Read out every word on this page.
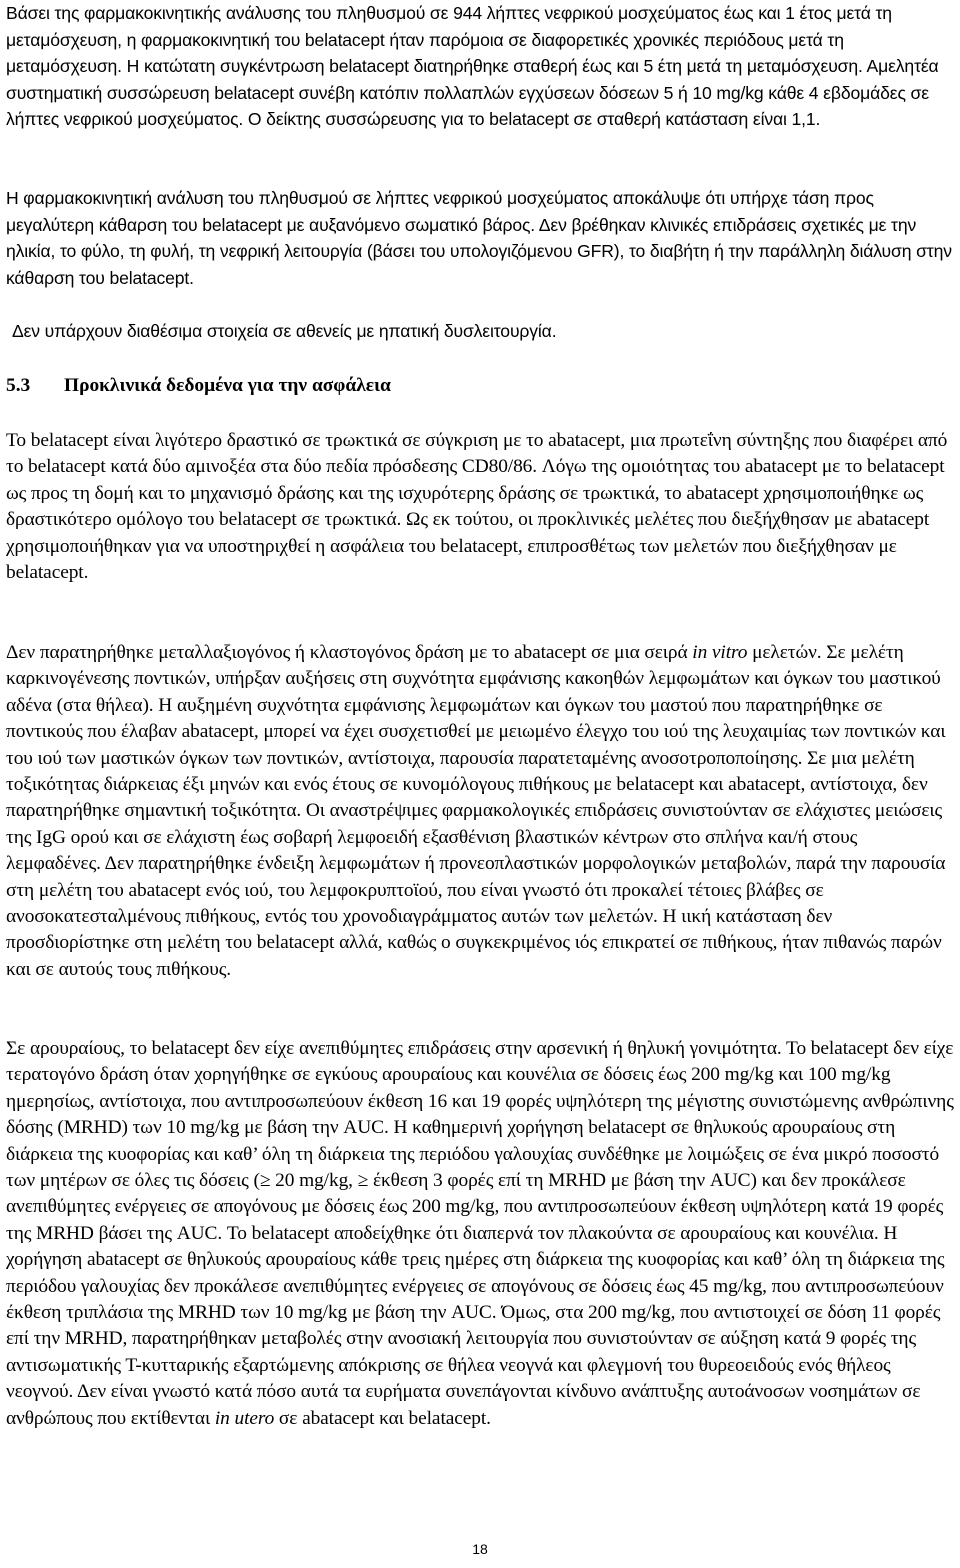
Βάσει της φαρμακοκινητικής ανάλυσης του πληθυσμού σε 944 λήπτες νεφρικού μοσχεύματος έως και 1 έτος μετά τη μεταμόσχευση, η φαρμακοκινητική του belatacept ήταν παρόμοια σε διαφορετικές χρονικές περιόδους μετά τη μεταμόσχευση. Η κατώτατη συγκέντρωση belatacept διατηρήθηκε σταθερή έως και 5 έτη μετά τη μεταμόσχευση. Αμελητέα συστηματική συσσώρευση belatacept συνέβη κατόπιν πολλαπλών εγχύσεων δόσεων 5 ή 10 mg/kg κάθε 4 εβδομάδες σε λήπτες νεφρικού μοσχεύματος. Ο δείκτης συσσώρευσης για το belatacept σε σταθερή κατάσταση είναι 1,1.

Η φαρμακοκινητική ανάλυση του πληθυσμού σε λήπτες νεφρικού μοσχεύματος αποκάλυψε ότι υπήρχε τάση προς μεγαλύτερη κάθαρση του belatacept με αυξανόμενο σωματικό βάρος. Δεν βρέθηκαν κλινικές επιδράσεις σχετικές με την ηλικία, το φύλο, τη φυλή, τη νεφρική λειτουργία (βάσει του υπολογιζόμενου GFR), το διαβήτη ή την παράλληλη διάλυση στην κάθαρση του belatacept.

Δεν υπάρχουν διαθέσιμα στοιχεία σε αθενείς με ηπατική δυσλειτουργία.

5.3 Προκλινικά δεδομένα για την ασφάλεια

Το belatacept είναι λιγότερο δραστικό σε τρωκτικά σε σύγκριση με το abatacept, μια πρωτεΐνη σύντηξης που διαφέρει από το belatacept κατά δύο αμινοξέα στα δύο πεδία πρόσδεσης CD80/86. Λόγω της ομοιότητας του abatacept με το belatacept ως προς τη δομή και το μηχανισμό δράσης και της ισχυρότερης δράσης σε τρωκτικά, το abatacept χρησιμοποιήθηκε ως δραστικότερο ομόλογο του belatacept σε τρωκτικά. Ως εκ τούτου, οι προκλινικές μελέτες που διεξήχθησαν με abatacept χρησιμοποιήθηκαν για να υποστηριχθεί η ασφάλεια του belatacept, επιπροσθέτως των μελετών που διεξήχθησαν με belatacept.

Δεν παρατηρήθηκε μεταλλαξιογόνος ή κλαστογόνος δράση με το abatacept σε μια σειρά in vitro μελετών. Σε μελέτη καρκινογένεσης ποντικών, υπήρξαν αυξήσεις στη συχνότητα εμφάνισης κακοηθών λεμφωμάτων και όγκων του μαστικού αδένα (στα θήλεα). Η αυξημένη συχνότητα εμφάνισης λεμφωμάτων και όγκων του μαστού που παρατηρήθηκε σε ποντικούς που έλαβαν abatacept, μπορεί να έχει συσχετισθεί με μειωμένο έλεγχο του ιού της λευχαιμίας των ποντικών και του ιού των μαστικών όγκων των ποντικών, αντίστοιχα, παρουσία παρατεταμένης ανοσοτροποποίησης. Σε μια μελέτη τοξικότητας διάρκειας έξι μηνών και ενός έτους σε κυνομόλογους πιθήκους με belatacept και abatacept, αντίστοιχα, δεν παρατηρήθηκε σημαντική τοξικότητα. Οι αναστρέψιμες φαρμακολογικές επιδράσεις συνιστούνταν σε ελάχιστες μειώσεις της IgG ορού και σε ελάχιστη έως σοβαρή λεμφοειδή εξασθένιση βλαστικών κέντρων στο σπλήνα και/ή στους λεμφαδένες. Δεν παρατηρήθηκε ένδειξη λεμφωμάτων ή προνεοπλαστικών μορφολογικών μεταβολών, παρά την παρουσία στη μελέτη του abatacept ενός ιού, του λεμφοκρυπτοϊού, που είναι γνωστό ότι προκαλεί τέτοιες βλάβες σε ανοσοκατεσταλμένους πιθήκους, εντός του χρονοδιαγράμματος αυτών των μελετών. Η ιική κατάσταση δεν προσδιορίστηκε στη μελέτη του belatacept αλλά, καθώς ο συγκεκριμένος ιός επικρατεί σε πιθήκους, ήταν πιθανώς παρών και σε αυτούς τους πιθήκους.

Σε αρουραίους, το belatacept δεν είχε ανεπιθύμητες επιδράσεις στην αρσενική ή θηλυκή γονιμότητα. Το belatacept δεν είχε τερατογόνο δράση όταν χορηγήθηκε σε εγκύους αρουραίους και κουνέλια σε δόσεις έως 200 mg/kg και 100 mg/kg ημερησίως, αντίστοιχα, που αντιπροσωπεύουν έκθεση 16 και 19 φορές υψηλότερη της μέγιστης συνιστώμενης ανθρώπινης δόσης (MRHD) των 10 mg/kg με βάση την AUC. Η καθημερινή χορήγηση belatacept σε θηλυκούς αρουραίους στη διάρκεια της κυοφορίας και καθ’ όλη τη διάρκεια της περιόδου γαλουχίας συνδέθηκε με λοιμώξεις σε ένα μικρό ποσοστό των μητέρων σε όλες τις δόσεις (≥ 20 mg/kg, ≥ έκθεση 3 φορές επί τη MRHD με βάση την AUC) και δεν προκάλεσε ανεπιθύμητες ενέργειες σε απογόνους με δόσεις έως 200 mg/kg, που αντιπροσωπεύουν έκθεση υψηλότερη κατά 19 φορές της MRHD βάσει της AUC. Το belatacept αποδείχθηκε ότι διαπερνά τον πλακούντα σε αρουραίους και κουνέλια. Η χορήγηση abatacept σε θηλυκούς αρουραίους κάθε τρεις ημέρες στη διάρκεια της κυοφορίας και καθ’ όλη τη διάρκεια της περιόδου γαλουχίας δεν προκάλεσε ανεπιθύμητες ενέργειες σε απογόνους σε δόσεις έως 45 mg/kg, που αντιπροσωπεύουν έκθεση τριπλάσια της MRHD των 10 mg/kg με βάση την AUC. Όμως, στα 200 mg/kg, που αντιστοιχεί σε δόση 11 φορές επί την MRHD, παρατηρήθηκαν μεταβολές στην ανοσιακή λειτουργία που συνιστούνταν σε αύξηση κατά 9 φορές της αντισωματικής Τ-κυτταρικής εξαρτώμενης απόκρισης σε θήλεα νεογνά και φλεγμονή του θυρεοειδούς ενός θήλεος νεογνού. Δεν είναι γνωστό κατά πόσο αυτά τα ευρήματα συνεπάγονται κίνδυνο ανάπτυξης αυτοάνοσων νοσημάτων σε ανθρώπους που εκτίθενται in utero σε abatacept και belatacept.

18
